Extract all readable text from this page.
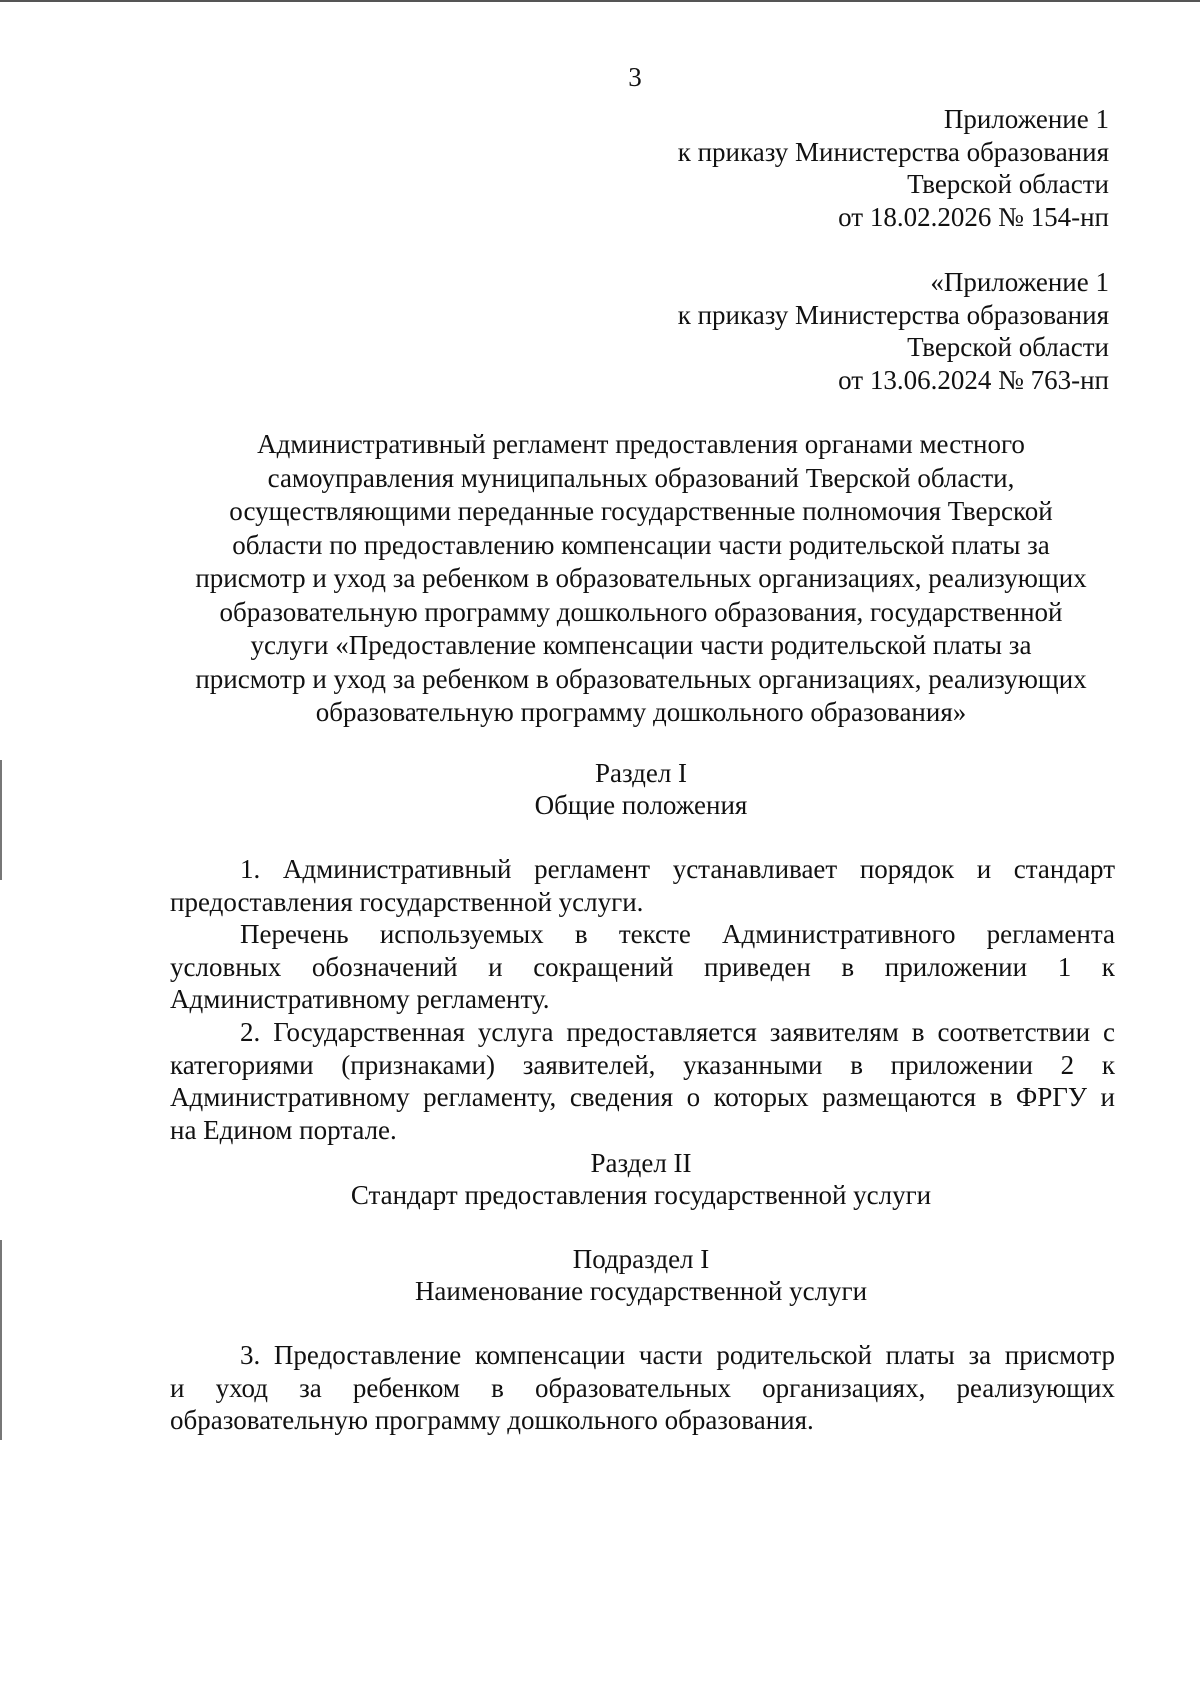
3
Приложение 1
к приказу Министерства образования
Тверской области
от 18.02.2026 № 154-нп
«Приложение 1
к приказу Министерства образования
Тверской области
от 13.06.2024 № 763-нп
Административный регламент предоставления органами местного
самоуправления муниципальных образований Тверской области,
осуществляющими переданные государственные полномочия Тверской
области по предоставлению компенсации части родительской платы за
присмотр и уход за ребенком в образовательных организациях, реализующих
образовательную программу дошкольного образования, государственной
услуги «Предоставление компенсации части родительской платы за
присмотр и уход за ребенком в образовательных организациях, реализующих
образовательную программу дошкольного образования»
Раздел I
Общие положения
1. Административный регламент устанавливает порядок и стандарт
предоставления государственной услуги.
Перечень используемых в тексте Административного регламента
условных обозначений и сокращений приведен в приложении 1 к
Административному регламенту.
2. Государственная услуга предоставляется заявителям в соответствии с
категориями (признаками) заявителей, указанными в приложении 2 к
Административному регламенту, сведения о которых размещаются в ФРГУ и
на Едином портале.
Раздел II
Стандарт предоставления государственной услуги
Подраздел I
Наименование государственной услуги
3. Предоставление компенсации части родительской платы за присмотр
и уход за ребенком в образовательных организациях, реализующих
образовательную программу дошкольного образования.
